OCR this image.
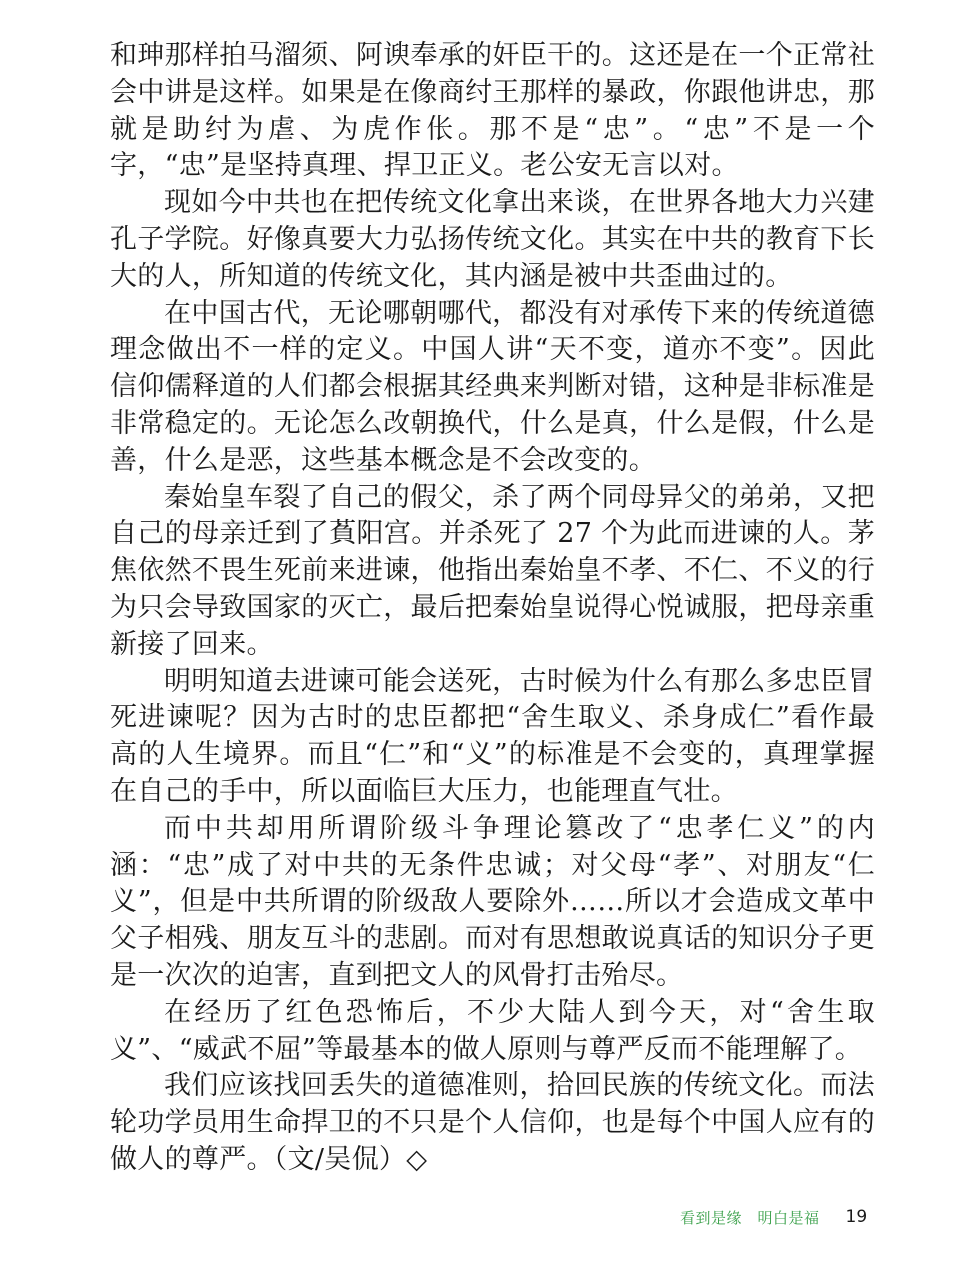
和珅那样拍马溜须、阿谀奉承的奸臣干的。这还是在一个正常社会中讲是这样。如果是在像商纣王那样的暴政，你跟他讲忠，那就是助纣为虐、为虎作伥。那不是“忠”。“忠”不是一个字，“忠”是坚持真理、捍卫正义。老公安无言以对。

现如今中共也在把传统文化拿出来谈，在世界各地大力兴建孔子学院。好像真要大力弘扬传统文化。其实在中共的教育下长大的人，所知道的传统文化，其内涵是被中共歪曲过的。

在中国古代，无论哪朝哪代，都没有对承传下来的传统道德理念做出不一样的定义。中国人讲“天不变，道亦不变”。因此信仰儒释道的人们都会根据其经典来判断对错，这种是非标准是非常稳定的。无论怎么改朝换代，什么是真，什么是假，什么是善，什么是恶，这些基本概念是不会改变的。

秦始皇车裂了自己的假父，杀了两个同母异父的弟弟，又把自己的母亲迁到了萯阳宫。并杀死了 27 个为此而进谏的人。茅焦依然不畏生死前来进谏，他指出秦始皇不孝、不仁、不义的行为只会导致国家的灭亡，最后把秦始皇说得心悦诚服，把母亲重新接了回来。

明明知道去进谏可能会送死，古时候为什么有那么多忠臣冒死进谏呢？因为古时的忠臣都把“舍生取义、杀身成仁”看作最高的人生境界。而且“仁”和“义”的标准是不会变的，真理掌握在自己的手中，所以面临巨大压力，也能理直气壮。

而中共却用所谓阶级斗争理论篡改了“忠孝仁义”的内涵：“忠”成了对中共的无条件忠诚；对父母“孝”、对朋友“仁义”，但是中共所谓的阶级敌人要除外……所以才会造成文革中父子相残、朋友互斗的悲剧。而对有思想敢说真话的知识分子更是一次次的迫害，直到把文人的风骨打击殆尽。

在经历了红色恐怖后，不少大陆人到今天，对“舍生取义”、“威武不屈”等最基本的做人原则与尊严反而不能理解了。

我们应该找回丢失的道德准则，拾回民族的传统文化。而法轮功学员用生命捍卫的不只是个人信仰，也是每个中国人应有的做人的尊严。（文/吴侃）◇

看到是缘　明白是福 19
